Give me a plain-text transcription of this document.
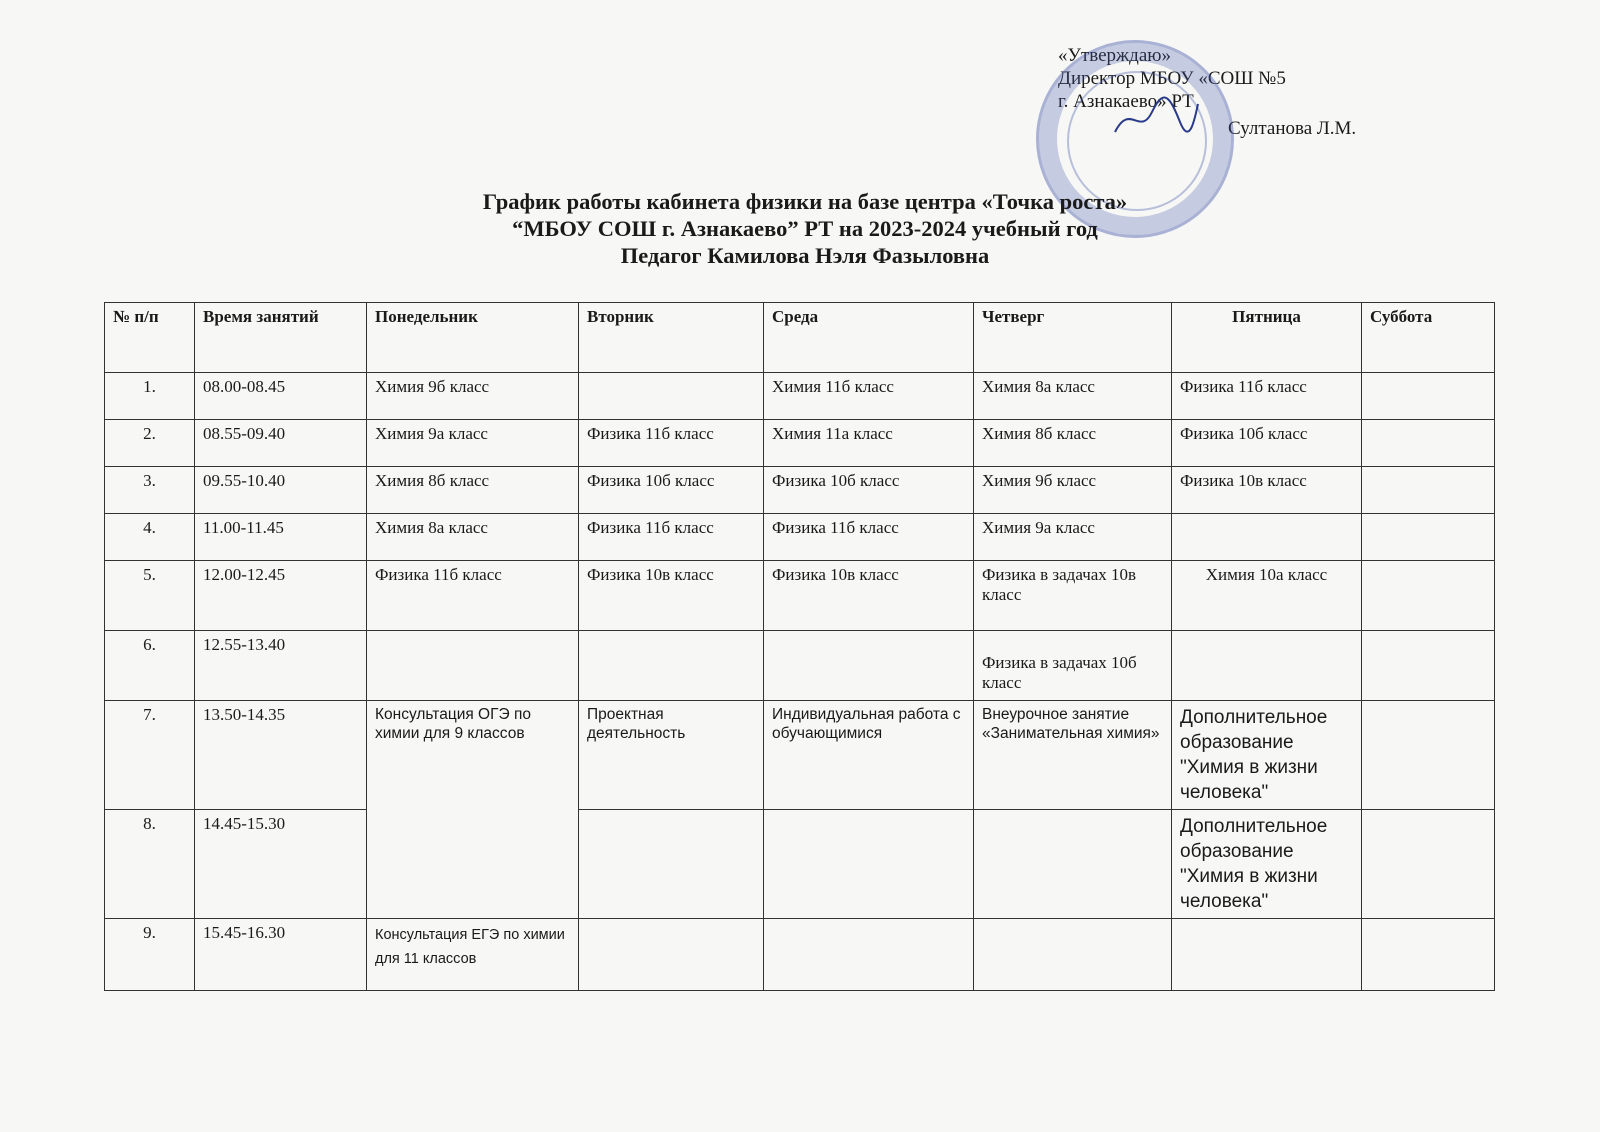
«Утверждаю»
Директор МБОУ «СОШ №5
г. Азнакаево» РТ
Султанова Л.М.
График работы кабинета физики на базе центра «Точка роста»
“МБОУ СОШ г. Азнакаево” РТ на 2023-2024 учебный год
Педагог Камилова Нэля Фазыловна
№ п/п	Время занятий	Понедельник	Вторник	Среда	Четверг	Пятница	Суббота
1.	08.00-08.45	Химия 9б класс		Химия 11б класс	Химия 8а класс	Физика 11б класс	
2.	08.55-09.40	Химия 9а класс	Физика 11б класс	Химия 11а класс	Химия 8б класс	Физика 10б класс	
3.	09.55-10.40	Химия 8б класс	Физика 10б класс	Физика 10б класс	Химия 9б класс	Физика 10в класс	
4.	11.00-11.45	Химия 8а класс	Физика 11б класс	Физика 11б класс	Химия 9а класс		
5.	12.00-12.45	Физика 11б класс	Физика 10в класс	Физика 10в класс	Физика в задачах 10в класс	Химия 10а класс	
6.	12.55-13.40				Физика в задачах 10б класс		
7.	13.50-14.35	Консультация ОГЭ по химии для 9 классов	Проектная деятельность	Индивидуальная работа с обучающимися	Внеурочное занятие «Занимательная химия»	Дополнительное образование "Химия в жизни человека"	
8.	14.45-15.30					Дополнительное образование "Химия в жизни человека"	
9.	15.45-16.30	Консультация ЕГЭ по химии для 11 классов					
